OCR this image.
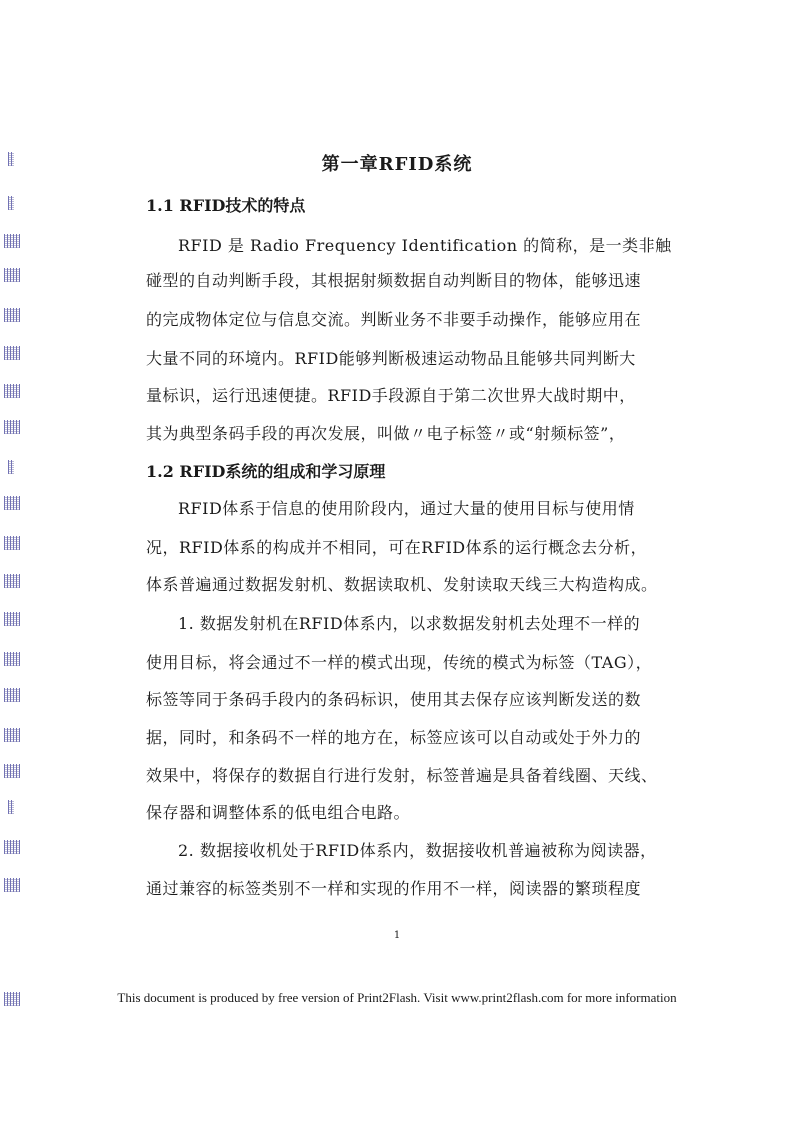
第一章RFID系统
1.1 RFID技术的特点
RFID 是 Radio Frequency Identification 的简称，是一类非触
碰型的自动判断手段，其根据射频数据自动判断目的物体，能够迅速
的完成物体定位与信息交流。判断业务不非要手动操作，能够应用在
大量不同的环境内。RFID能够判断极速运动物品且能够共同判断大
量标识，运行迅速便捷。RFID手段源自于第二次世界大战时期中，
其为典型条码手段的再次发展，叫做〃电子标签〃或“射频标签”，
1.2 RFID系统的组成和学习原理
RFID体系于信息的使用阶段内，通过大量的使用目标与使用情
况，RFID体系的构成并不相同，可在RFID体系的运行概念去分析，
体系普遍通过数据发射机、数据读取机、发射读取天线三大构造构成。
1. 数据发射机在RFID体系内，以求数据发射机去处理不一样的
使用目标，将会通过不一样的模式出现，传统的模式为标签（TAG），
标签等同于条码手段内的条码标识，使用其去保存应该判断发送的数
据，同时，和条码不一样的地方在，标签应该可以自动或处于外力的
效果中，将保存的数据自行进行发射，标签普遍是具备着线圈、天线、
保存器和调整体系的低电组合电路。
2. 数据接收机处于RFID体系内，数据接收机普遍被称为阅读器，
通过兼容的标签类别不一样和实现的作用不一样，阅读器的繁琐程度
1
This document is produced by free version of Print2Flash. Visit www.print2flash.com for more information
